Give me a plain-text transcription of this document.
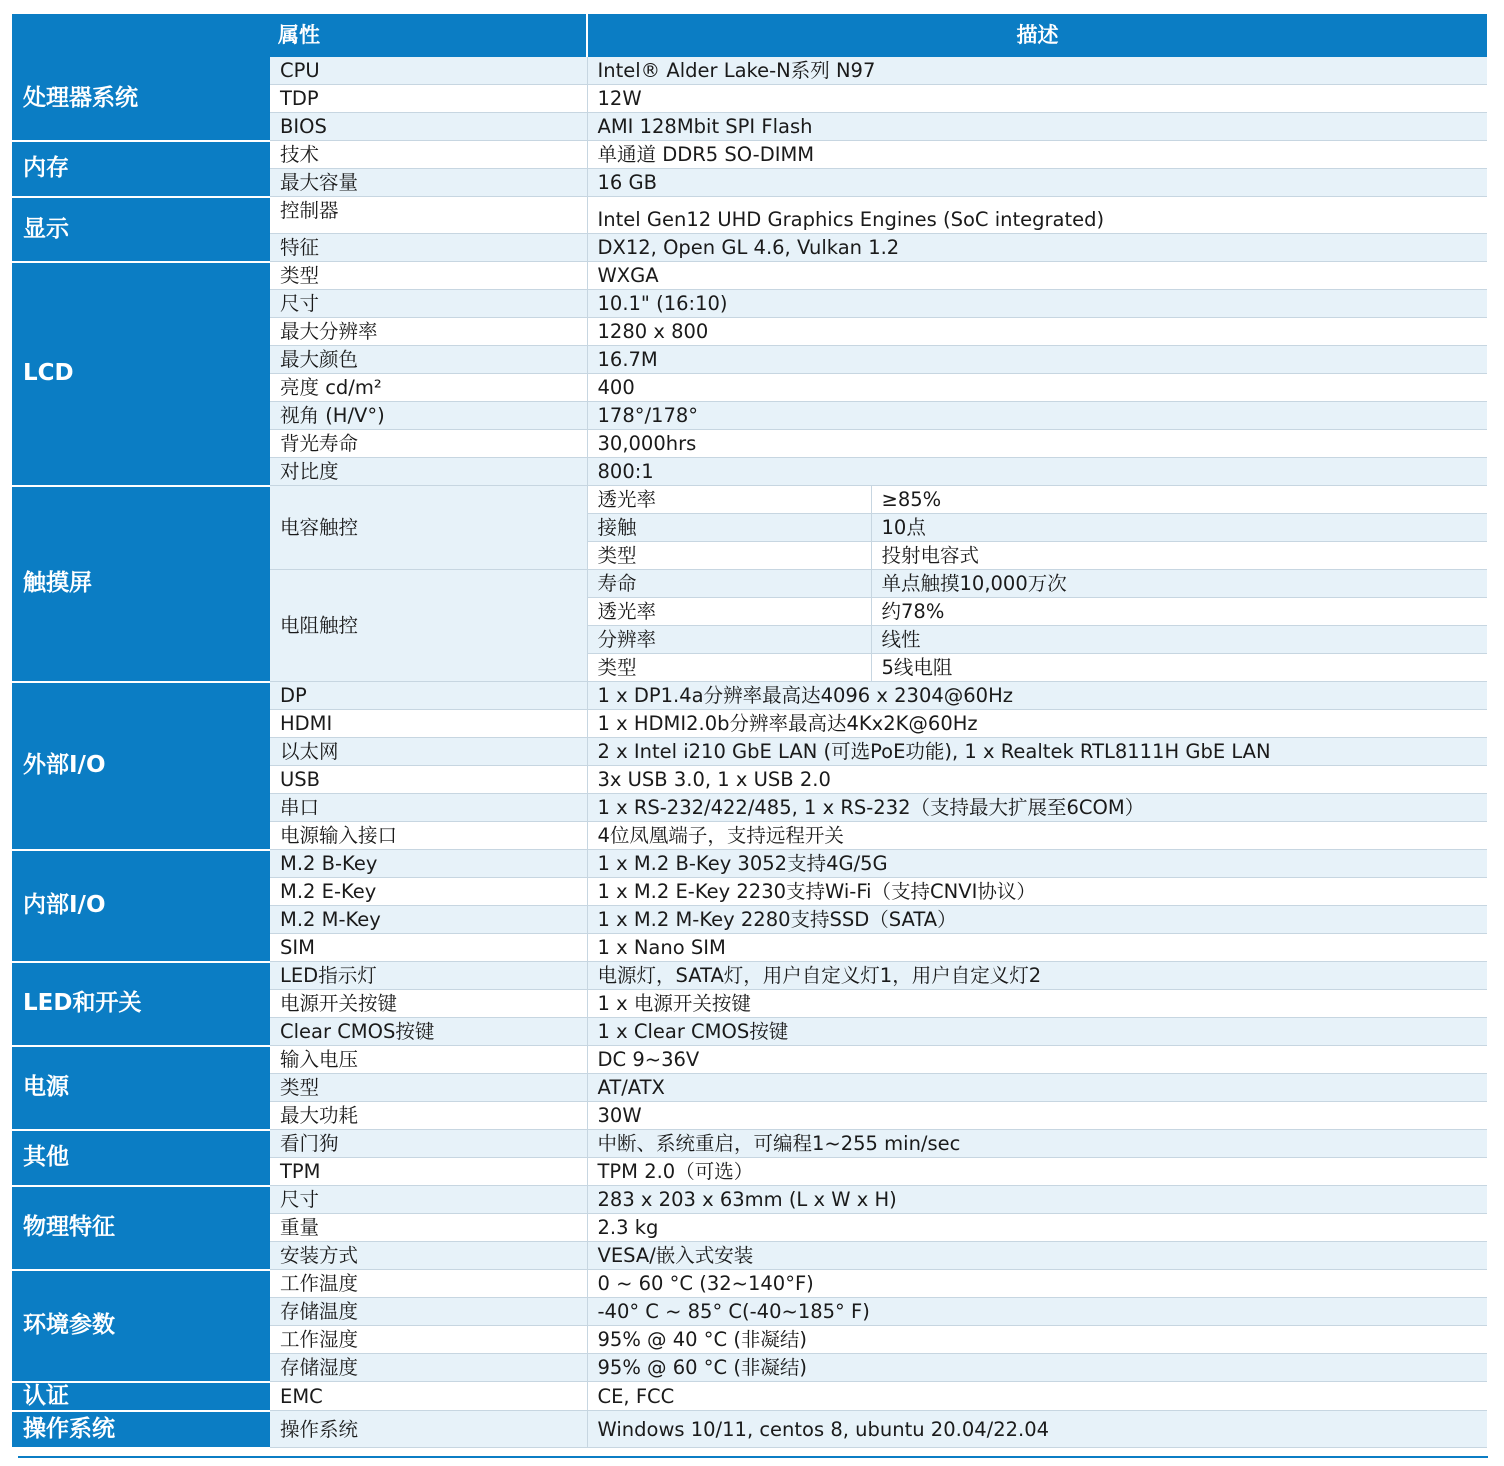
属性		描述	
处理器系统	CPU	Intel® Alder Lake-N系列 N97	
	TDP	12W	
	BIOS	AMI 128Mbit SPI Flash	
内存	技术	单通道 DDR5 SO-DIMM	
	最大容量	16 GB	
显示	控制器	Intel Gen12 UHD Graphics Engines (SoC integrated)	
	特征	DX12, Open GL 4.6, Vulkan 1.2	
LCD	类型	WXGA	
	尺寸	10.1" (16:10)	
	最大分辨率	1280 x 800	
	最大颜色	16.7M	
	亮度 cd/m²	400	
	视角 (H/V°)	178°/178°	
	背光寿命	30,000hrs	
	对比度	800:1	
触摸屏	电容触控	透光率	≥85%
		接触	10点
		类型	投射电容式
	电阻触控	寿命	单点触摸10,000万次
		透光率	约78%
		分辨率	线性
		类型	5线电阻
外部I/O	DP	1 x DP1.4a分辨率最高达4096 x 2304@60Hz	
	HDMI	1 x HDMI2.0b分辨率最高达4Kx2K@60Hz	
	以太网	2 x Intel i210 GbE LAN (可选PoE功能), 1 x Realtek RTL8111H GbE LAN	
	USB	3x USB 3.0, 1 x USB 2.0	
	串口	1 x RS-232/422/485, 1 x RS-232（支持最大扩展至6COM）	
	电源输入接口	4位凤凰端子，支持远程开关	
内部I/O	M.2 B-Key	1 x M.2 B-Key 3052支持4G/5G	
	M.2 E-Key	1 x M.2 E-Key 2230支持Wi-Fi（支持CNVI协议）	
	M.2 M-Key	1 x M.2 M-Key 2280支持SSD（SATA）	
	SIM	1 x Nano SIM	
LED和开关	LED指示灯	电源灯，SATA灯，用户自定义灯1，用户自定义灯2	
	电源开关按键	1 x 电源开关按键	
	Clear CMOS按键	1 x Clear CMOS按键	
电源	输入电压	DC 9~36V	
	类型	AT/ATX	
	最大功耗	30W	
其他	看门狗	中断、系统重启，可编程1~255 min/sec	
	TPM	TPM 2.0（可选）	
物理特征	尺寸	283 x 203 x 63mm (L x W x H)	
	重量	2.3 kg	
	安装方式	VESA/嵌入式安装	
环境参数	工作温度	0 ~ 60 °C (32~140°F)	
	存储温度	-40° C ~ 85° C(-40~185° F)	
	工作湿度	95% @ 40 °C (非凝结)	
	存储湿度	95% @ 60 °C (非凝结)	
认证	EMC	CE, FCC	
操作系统	操作系统	Windows 10/11, centos 8, ubuntu 20.04/22.04	
